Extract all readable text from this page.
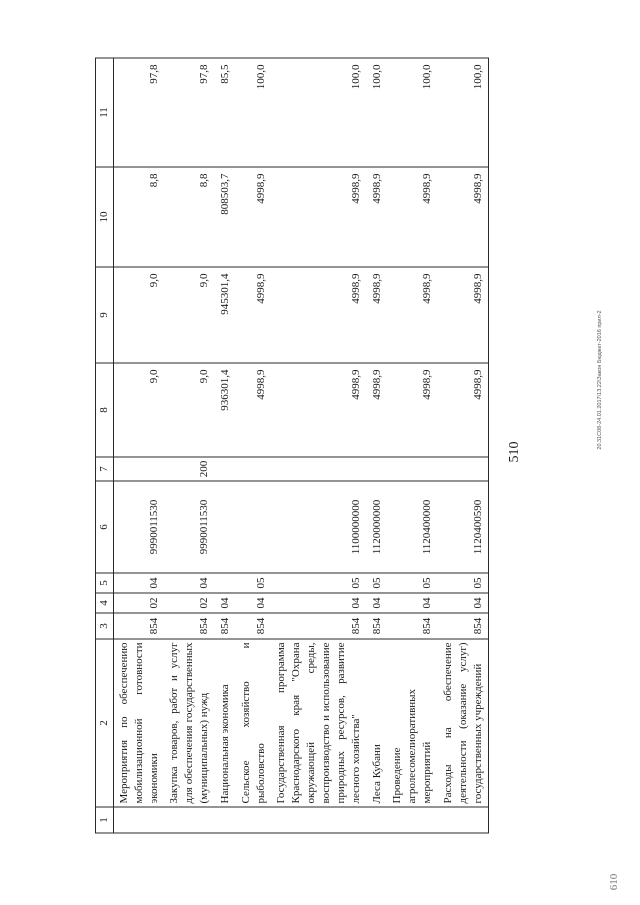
510
20.31С08-24.01.2017\13.22\Закон Бюджет-2016 прил-2
610
1	2	3	4	5	6	7	8	9	10	11
	Мероприятия по обеспечению мобилизационной готовности экономики	854	02	04	9990011530		9,0	9,0	8,8	97,8
	Закупка товаров, работ и услуг для обеспечения государственных (муниципальных) нужд	854	02	04	9990011530	200	9,0	9,0	8,8	97,8
	Национальная экономика	854	04				936301,4	945301,4	808503,7	85,5
	Сельское хозяйство и рыболовство	854	04	05			4998,9	4998,9	4998,9	100,0
	Государственная программа Краснодарского края "Охрана окружающей среды, воспроизводство и использование природных ресурсов, развитие лесного хозяйства"	854	04	05	1100000000		4998,9	4998,9	4998,9	100,0
	Леса Кубани	854	04	05	1120000000		4998,9	4998,9	4998,9	100,0
	Проведение агролесомелиоративных мероприятий	854	04	05	1120400000		4998,9	4998,9	4998,9	100,0
	Расходы на обеспечение деятельности (оказание услуг) государственных учреждений	854	04	05	1120400590		4998,9	4998,9	4998,9	100,0
